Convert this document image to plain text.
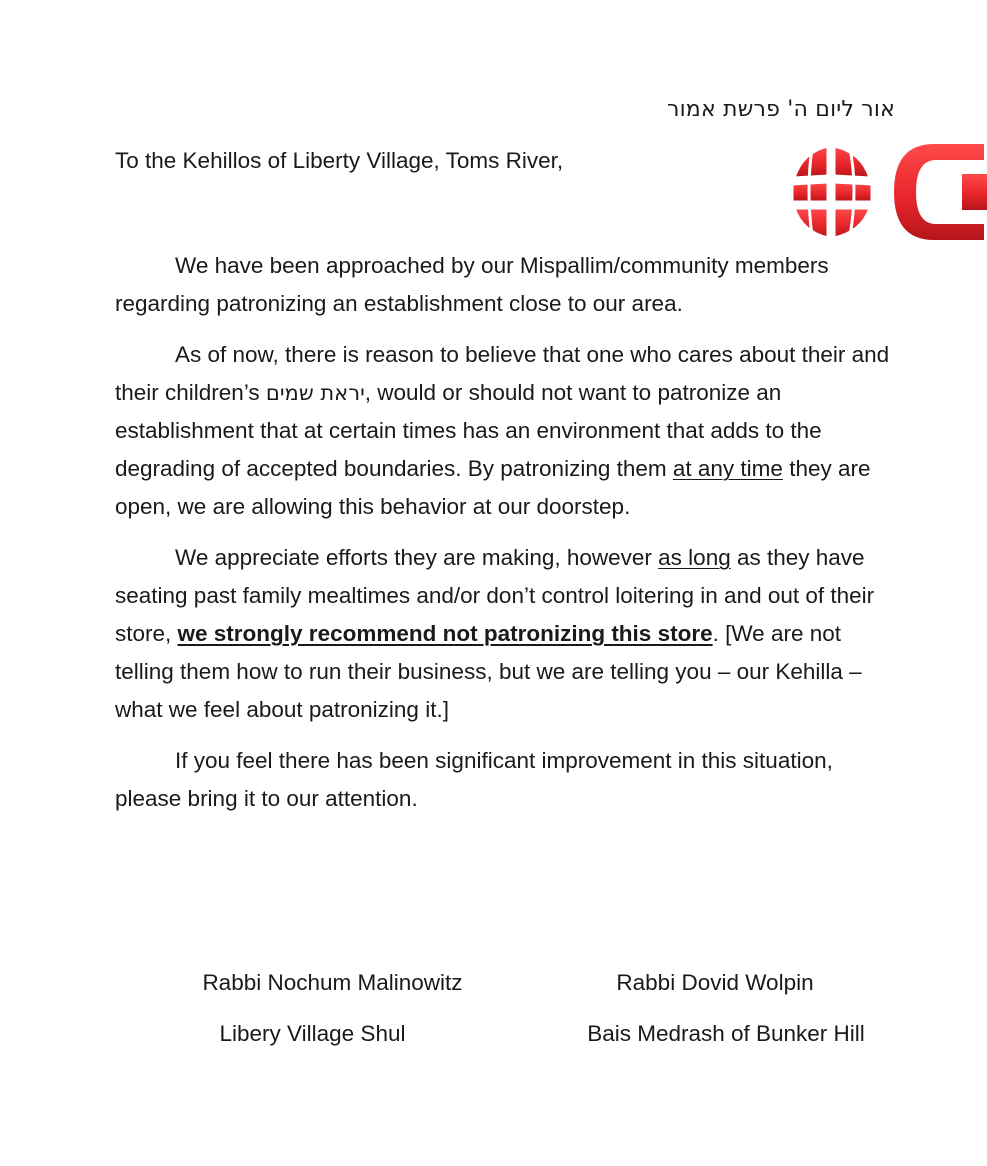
אור ליום ה' פרשת אמור
To the Kehillos of Liberty Village, Toms River,

We have been approached by our Mispallim/community members regarding patronizing an establishment close to our area.

As of now, there is reason to believe that one who cares about their and their children’s יראת שמים, would or should not want to patronize an establishment that at certain times has an environment that adds to the degrading of accepted boundaries. By patronizing them at any time they are open, we are allowing this behavior at our doorstep.

We appreciate efforts they are making, however as long as they have seating past family mealtimes and/or don’t control loitering in and out of their store, we strongly recommend not patronizing this store. [We are not telling them how to run their business, but we are telling you – our Kehilla – what we feel about patronizing it.]

If you feel there has been significant improvement in this situation, please bring it to our attention.

Rabbi Nochum Malinowitz
Libery Village Shul
Rabbi Dovid Wolpin
Bais Medrash of Bunker Hill
